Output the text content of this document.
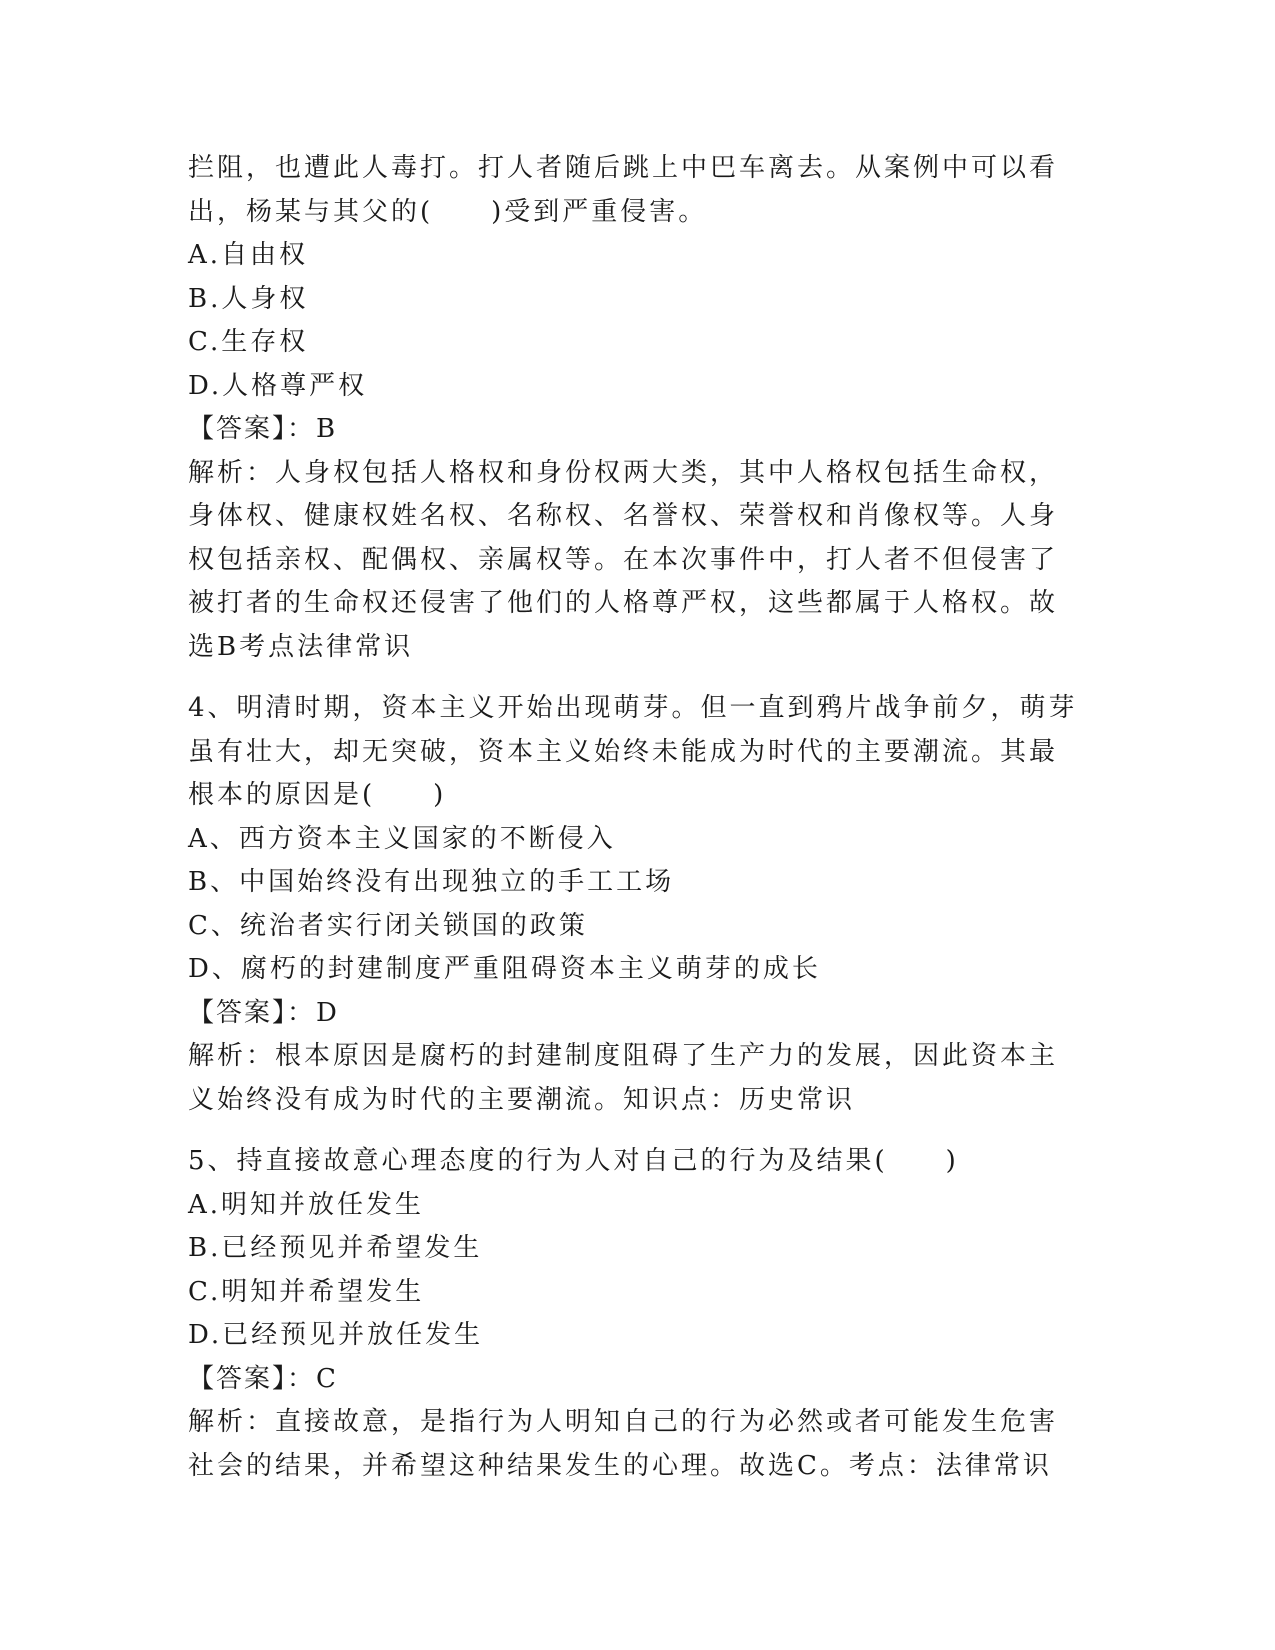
拦阻，也遭此人毒打。打人者随后跳上中巴车离去。从案例中可以看
出，杨某与其父的(　　)受到严重侵害。
A.自由权
B.人身权
C.生存权
D.人格尊严权
【答案】：B
解析：人身权包括人格权和身份权两大类，其中人格权包括生命权，
身体权、健康权姓名权、名称权、名誉权、荣誉权和肖像权等。人身
权包括亲权、配偶权、亲属权等。在本次事件中，打人者不但侵害了
被打者的生命权还侵害了他们的人格尊严权，这些都属于人格权。故
选B考点法律常识
4、明清时期，资本主义开始出现萌芽。但一直到鸦片战争前夕，萌芽
虽有壮大，却无突破，资本主义始终未能成为时代的主要潮流。其最
根本的原因是(　　)
A、西方资本主义国家的不断侵入
B、中国始终没有出现独立的手工工场
C、统治者实行闭关锁国的政策
D、腐朽的封建制度严重阻碍资本主义萌芽的成长
【答案】：D
解析：根本原因是腐朽的封建制度阻碍了生产力的发展，因此资本主
义始终没有成为时代的主要潮流。知识点：历史常识
5、持直接故意心理态度的行为人对自己的行为及结果(　　)
A.明知并放任发生
B.已经预见并希望发生
C.明知并希望发生
D.已经预见并放任发生
【答案】：C
解析：直接故意，是指行为人明知自己的行为必然或者可能发生危害
社会的结果，并希望这种结果发生的心理。故选C。考点：法律常识
